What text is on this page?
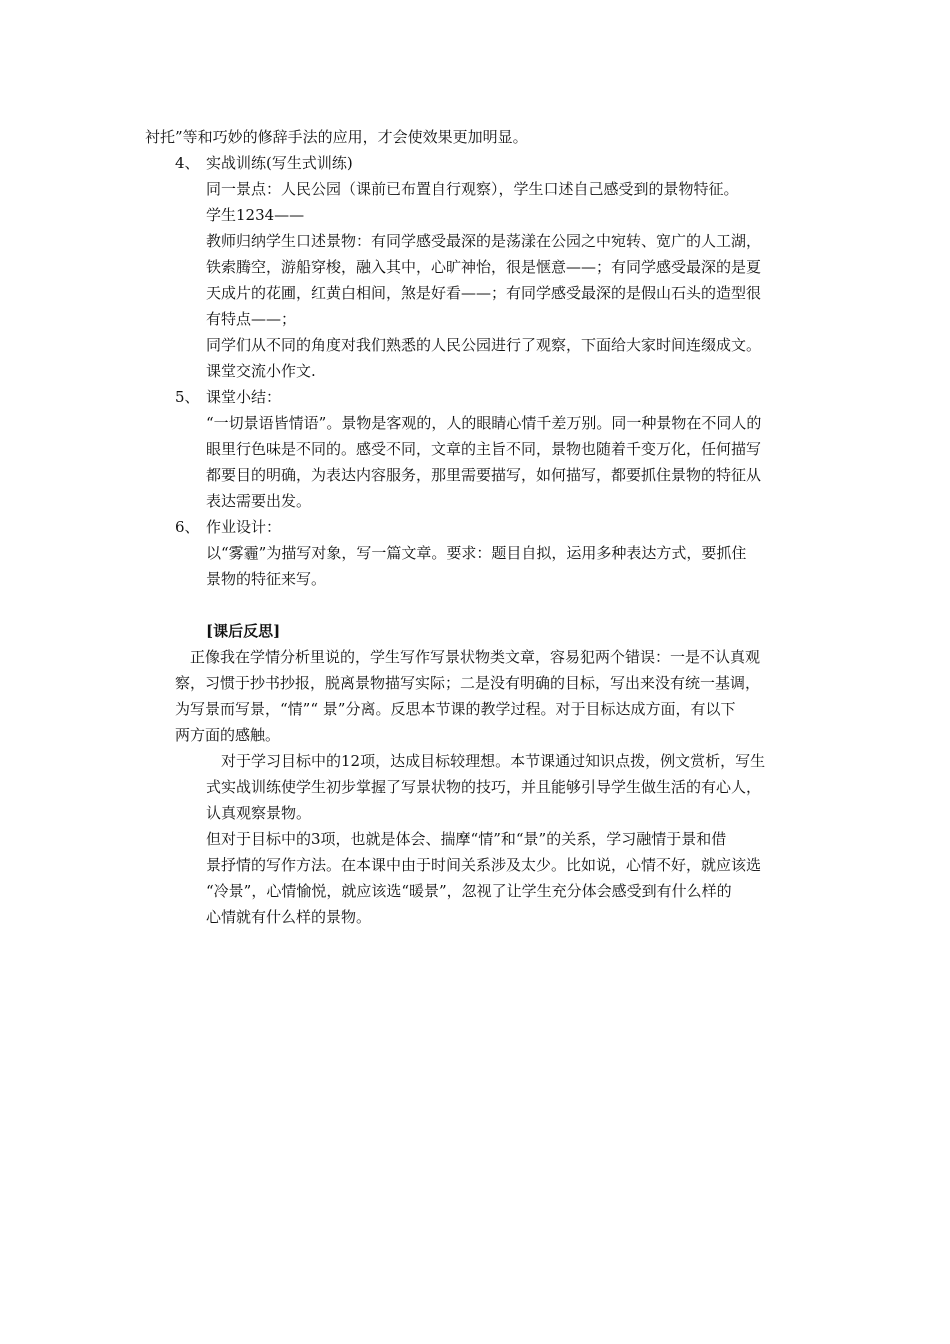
衬托”等和巧妙的修辞手法的应用，才会使效果更加明显。
4、 实战训练(写生式训练)
同一景点：人民公园（课前已布置自行观察），学生口述自己感受到的景物特征。
学生1234——
教师归纳学生口述景物：有同学感受最深的是荡漾在公园之中宛转、宽广的人工湖，
铁索腾空，游船穿梭，融入其中，心旷神怡，很是惬意——；有同学感受最深的是夏
天成片的花圃，红黄白相间，煞是好看——；有同学感受最深的是假山石头的造型很
有特点——；
同学们从不同的角度对我们熟悉的人民公园进行了观察，下面给大家时间连缀成文。
课堂交流小作文.
5、 课堂小结：
“一切景语皆情语”。景物是客观的，人的眼睛心情千差万别。同一种景物在不同人的
眼里行色味是不同的。感受不同，文章的主旨不同，景物也随着千变万化，任何描写
都要目的明确，为表达内容服务，那里需要描写，如何描写，都要抓住景物的特征从
表达需要出发。
6、 作业设计：
以“雾霾”为描写对象，写一篇文章。要求：题目自拟，运用多种表达方式，要抓住
景物的特征来写。
[课后反思]
　正像我在学情分析里说的，学生写作写景状物类文章，容易犯两个错误：一是不认真观
察，习惯于抄书抄报，脱离景物描写实际；二是没有明确的目标，写出来没有统一基调，
为写景而写景，“情”“ 景”分离。反思本节课的教学过程。对于目标达成方面，有以下
两方面的感触。
　对于学习目标中的12项，达成目标较理想。本节课通过知识点拨，例文赏析，写生
式实战训练使学生初步掌握了写景状物的技巧，并且能够引导学生做生活的有心人，
认真观察景物。
但对于目标中的3项，也就是体会、揣摩“情”和“景”的关系，学习融情于景和借
景抒情的写作方法。在本课中由于时间关系涉及太少。比如说，心情不好，就应该选
“冷景”，心情愉悦，就应该选“暖景”，忽视了让学生充分体会感受到有什么样的
心情就有什么样的景物。
